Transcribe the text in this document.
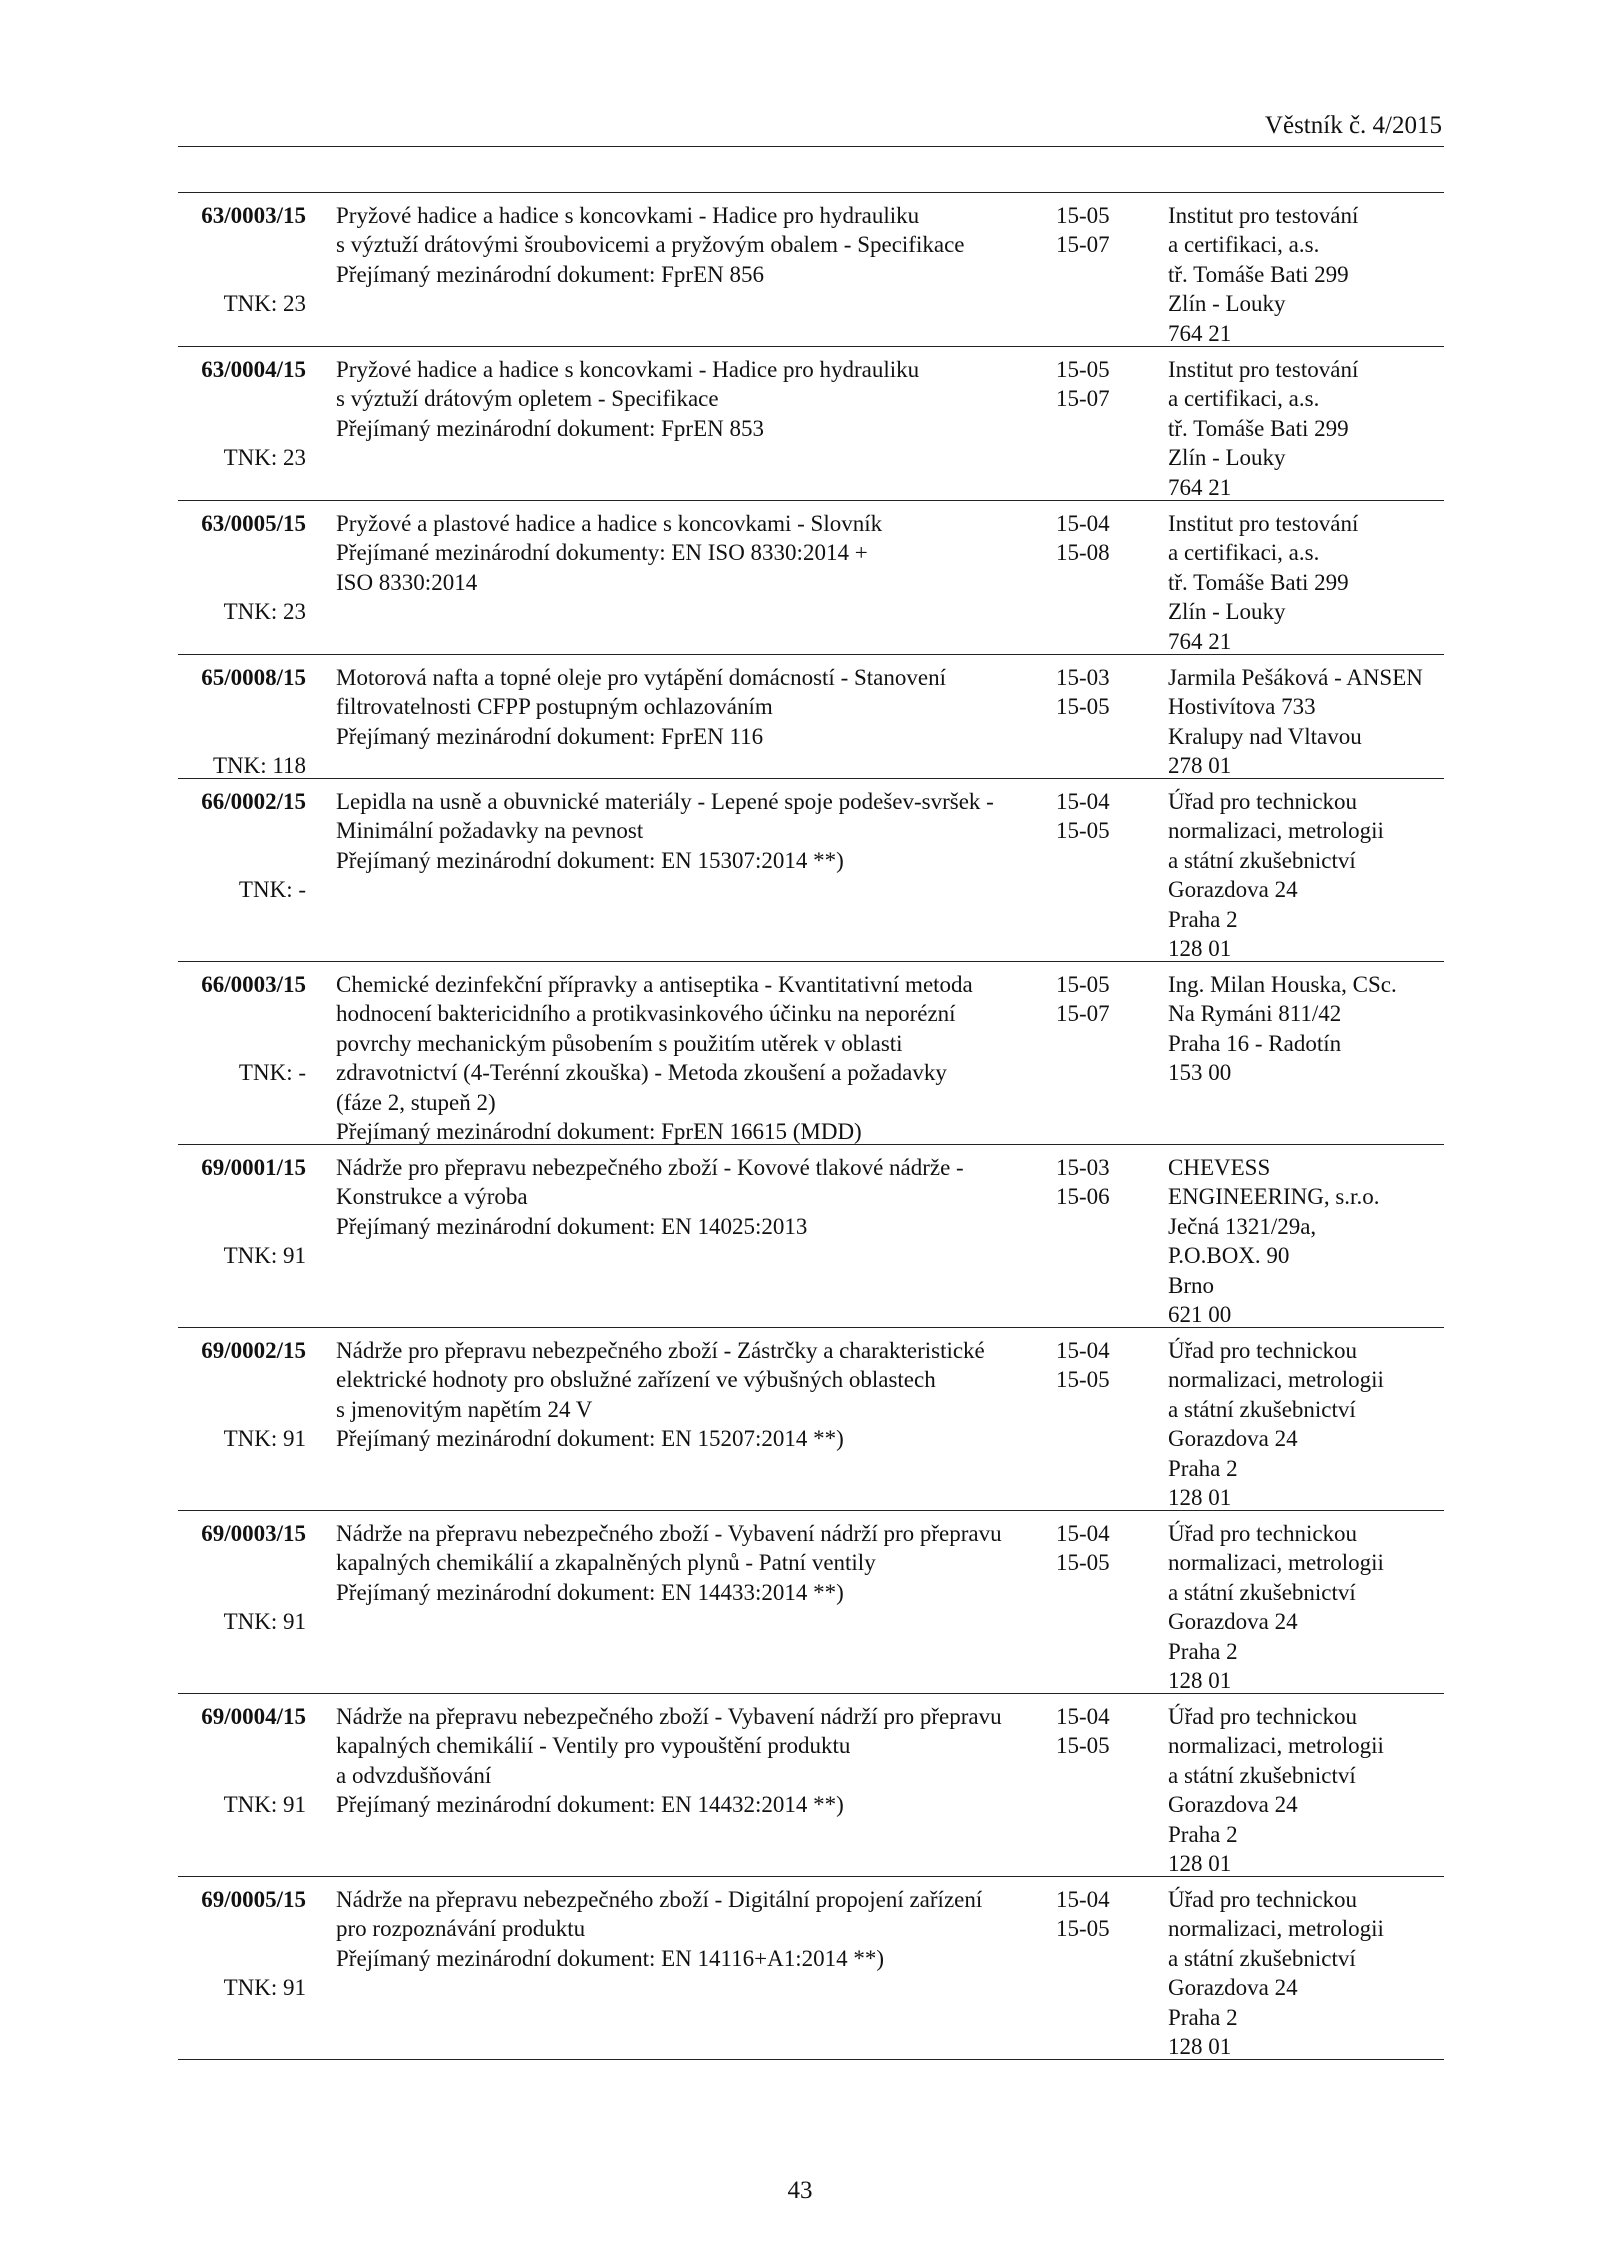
Věstník č. 4/2015
63/0003/15
TNK: 23
Pryžové hadice a hadice s koncovkami - Hadice pro hydrauliku
s výztuží drátovými šroubovicemi a pryžovým obalem - Specifikace
Přejímaný mezinárodní dokument: FprEN 856
15-05
15-07
Institut pro testování
a certifikaci, a.s.
tř. Tomáše Bati 299
Zlín - Louky
764 21
63/0004/15
TNK: 23
Pryžové hadice a hadice s koncovkami - Hadice pro hydrauliku
s výztuží drátovým opletem - Specifikace
Přejímaný mezinárodní dokument: FprEN 853
15-05
15-07
Institut pro testování
a certifikaci, a.s.
tř. Tomáše Bati 299
Zlín - Louky
764 21
63/0005/15
TNK: 23
Pryžové a plastové hadice a hadice s koncovkami - Slovník
Přejímané mezinárodní dokumenty: EN ISO 8330:2014 +
ISO 8330:2014
15-04
15-08
Institut pro testování
a certifikaci, a.s.
tř. Tomáše Bati 299
Zlín - Louky
764 21
65/0008/15
TNK: 118
Motorová nafta a topné oleje pro vytápění domácností - Stanovení
filtrovatelnosti CFPP postupným ochlazováním
Přejímaný mezinárodní dokument: FprEN 116
15-03
15-05
Jarmila Pešáková - ANSEN
Hostivítova 733
Kralupy nad Vltavou
278 01
66/0002/15
TNK: -
Lepidla na usně a obuvnické materiály - Lepené spoje podešev-svršek -
Minimální požadavky na pevnost
Přejímaný mezinárodní dokument: EN 15307:2014 **)
15-04
15-05
Úřad pro technickou
normalizaci, metrologii
a státní zkušebnictví
Gorazdova 24
Praha 2
128 01
66/0003/15
TNK: -
Chemické dezinfekční přípravky a antiseptika - Kvantitativní metoda
hodnocení baktericidního a protikvasinkového účinku na neporézní
povrchy mechanickým působením s použitím utěrek v oblasti
zdravotnictví (4-Terénní zkouška) - Metoda zkoušení a požadavky
(fáze 2, stupeň 2)
Přejímaný mezinárodní dokument: FprEN 16615 (MDD)
15-05
15-07
Ing. Milan Houska, CSc.
Na Rymáni 811/42
Praha 16 - Radotín
153 00
69/0001/15
TNK: 91
Nádrže pro přepravu nebezpečného zboží - Kovové tlakové nádrže -
Konstrukce a výroba
Přejímaný mezinárodní dokument: EN 14025:2013
15-03
15-06
CHEVESS
ENGINEERING, s.r.o.
Ječná 1321/29a,
P.O.BOX. 90
Brno
621 00
69/0002/15
TNK: 91
Nádrže pro přepravu nebezpečného zboží - Zástrčky a charakteristické
elektrické hodnoty pro obslužné zařízení ve výbušných oblastech
s jmenovitým napětím 24 V
Přejímaný mezinárodní dokument: EN 15207:2014 **)
15-04
15-05
Úřad pro technickou
normalizaci, metrologii
a státní zkušebnictví
Gorazdova 24
Praha 2
128 01
69/0003/15
TNK: 91
Nádrže na přepravu nebezpečného zboží - Vybavení nádrží pro přepravu
kapalných chemikálií a zkapalněných plynů - Patní ventily
Přejímaný mezinárodní dokument: EN 14433:2014 **)
15-04
15-05
Úřad pro technickou
normalizaci, metrologii
a státní zkušebnictví
Gorazdova 24
Praha 2
128 01
69/0004/15
TNK: 91
Nádrže na přepravu nebezpečného zboží - Vybavení nádrží pro přepravu
kapalných chemikálií - Ventily pro vypouštění produktu
a odvzdušňování
Přejímaný mezinárodní dokument: EN 14432:2014 **)
15-04
15-05
Úřad pro technickou
normalizaci, metrologii
a státní zkušebnictví
Gorazdova 24
Praha 2
128 01
69/0005/15
TNK: 91
Nádrže na přepravu nebezpečného zboží - Digitální propojení zařízení
pro rozpoznávání produktu
Přejímaný mezinárodní dokument: EN 14116+A1:2014 **)
15-04
15-05
Úřad pro technickou
normalizaci, metrologii
a státní zkušebnictví
Gorazdova 24
Praha 2
128 01
43
